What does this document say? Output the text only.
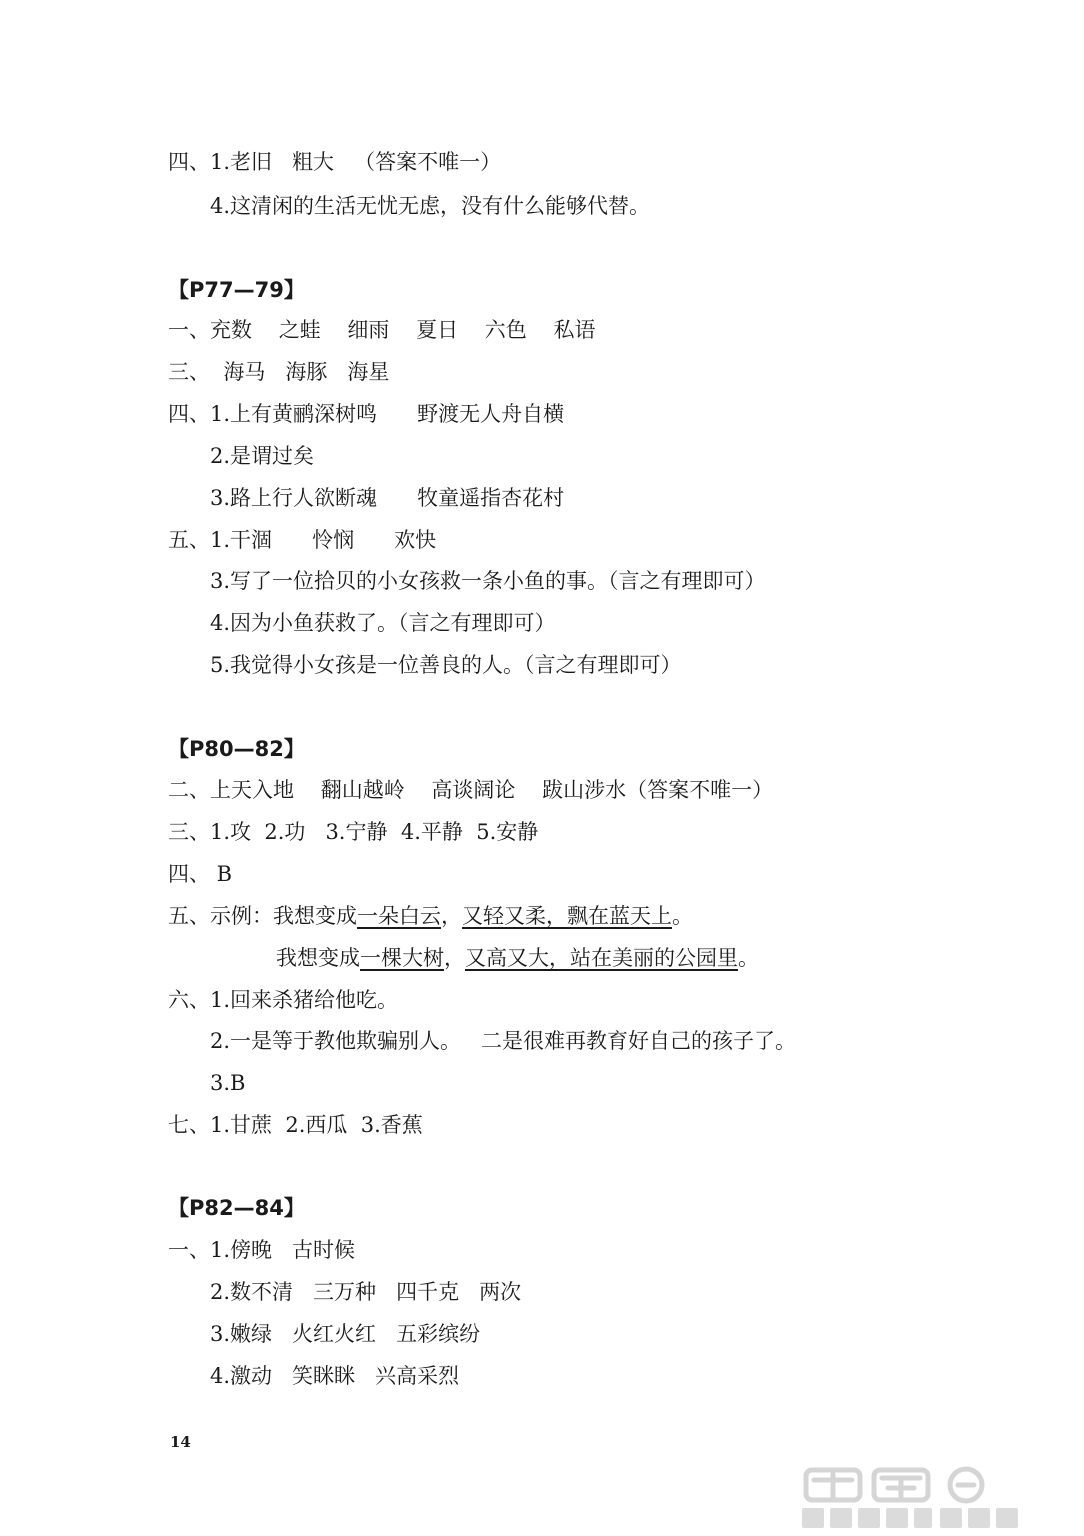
四、1.老旧   粗大   （答案不唯一）
4.这清闲的生活无忧无虑，没有什么能够代替。
【P77—79】
一、充数    之蛙    细雨    夏日    六色    私语
三、  海马   海豚   海星
四、1.上有黄鹂深树鸣      野渡无人舟自横
2.是谓过矣
3.路上行人欲断魂      牧童遥指杏花村
五、1.干涸      怜悯      欢快
3.写了一位拾贝的小女孩救一条小鱼的事。（言之有理即可）
4.因为小鱼获救了。（言之有理即可）
5.我觉得小女孩是一位善良的人。（言之有理即可）
【P80—82】
二、上天入地    翻山越岭    高谈阔论    跋山涉水（答案不唯一）
三、1.攻  2.功   3.宁静  4.平静  5.安静
四、 B
五、示例：我想变成一朵白云，又轻又柔，飘在蓝天上。
我想变成一棵大树，又高又大，站在美丽的公园里。
六、1.回来杀猪给他吃。
2.一是等于教他欺骗别人。   二是很难再教育好自己的孩子了。
3.B
七、1.甘蔗  2.西瓜  3.香蕉
【P82—84】
一、1.傍晚   古时候
2.数不清   三万种   四千克   两次
3.嫩绿   火红火红   五彩缤纷
4.激动   笑眯眯   兴高采烈
14
